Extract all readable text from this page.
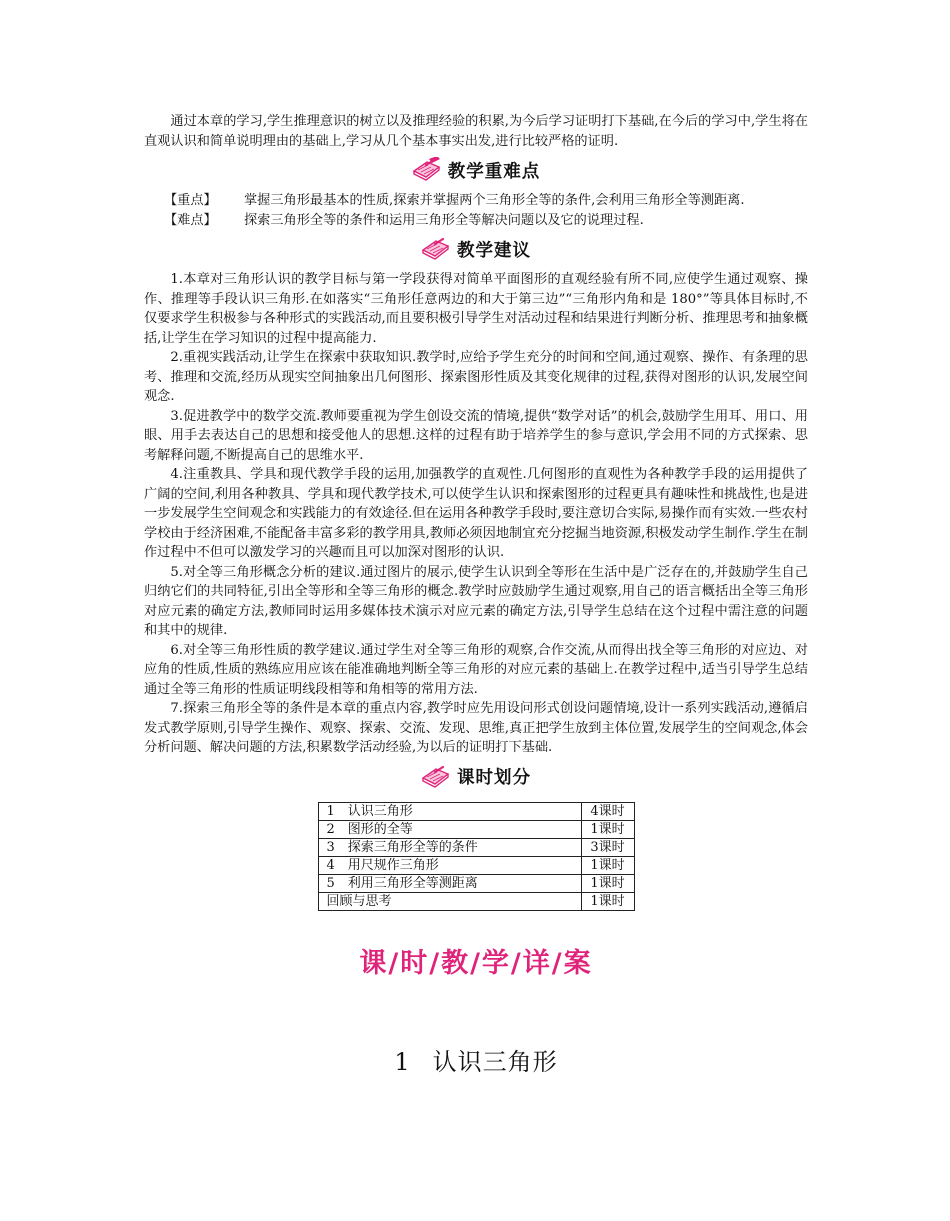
通过本章的学习,学生推理意识的树立以及推理经验的积累,为今后学习证明打下基础,在今后的学习中,学生将在直观认识和简单说明理由的基础上,学习从几个基本事实出发,进行比较严格的证明.

教学重难点
【重点】	掌握三角形最基本的性质,探索并掌握两个三角形全等的条件,会利用三角形全等测距离.
【难点】	探索三角形全等的条件和运用三角形全等解决问题以及它的说理过程.
教学建议

1.本章对三角形认识的教学目标与第一学段获得对简单平面图形的直观经验有所不同,应使学生通过观察、操作、推理等手段认识三角形.在如落实“三角形任意两边的和大于第三边”“三角形内角和是 180°”等具体目标时,不仅要求学生积极参与各种形式的实践活动,而且要积极引导学生对活动过程和结果进行判断分析、推理思考和抽象概括,让学生在学习知识的过程中提高能力.

2.重视实践活动,让学生在探索中获取知识.教学时,应给予学生充分的时间和空间,通过观察、操作、有条理的思考、推理和交流,经历从现实空间抽象出几何图形、探索图形性质及其变化规律的过程,获得对图形的认识,发展空间观念.

3.促进教学中的数学交流.教师要重视为学生创设交流的情境,提供“数学对话”的机会,鼓励学生用耳、用口、用眼、用手去表达自己的思想和接受他人的思想.这样的过程有助于培养学生的参与意识,学会用不同的方式探索、思考解释问题,不断提高自己的思维水平.

4.注重教具、学具和现代教学手段的运用,加强教学的直观性.几何图形的直观性为各种教学手段的运用提供了广阔的空间,利用各种教具、学具和现代教学技术,可以使学生认识和探索图形的过程更具有趣味性和挑战性,也是进一步发展学生空间观念和实践能力的有效途径.但在运用各种教学手段时,要注意切合实际,易操作而有实效.一些农村学校由于经济困难,不能配备丰富多彩的教学用具,教师必须因地制宜充分挖掘当地资源,积极发动学生制作.学生在制作过程中不但可以激发学习的兴趣而且可以加深对图形的认识.

5.对全等三角形概念分析的建议.通过图片的展示,使学生认识到全等形在生活中是广泛存在的,并鼓励学生自己归纳它们的共同特征,引出全等形和全等三角形的概念.教学时应鼓励学生通过观察,用自己的语言概括出全等三角形对应元素的确定方法,教师同时运用多媒体技术演示对应元素的确定方法,引导学生总结在这个过程中需注意的问题和其中的规律.

6.对全等三角形性质的教学建议.通过学生对全等三角形的观察,合作交流,从而得出找全等三角形的对应边、对应角的性质,性质的熟练应用应该在能准确地判断全等三角形的对应元素的基础上.在教学过程中,适当引导学生总结通过全等三角形的性质证明线段相等和角相等的常用方法.

7.探索三角形全等的条件是本章的重点内容,教学时应先用设问形式创设问题情境,设计一系列实践活动,遵循启发式教学原则,引导学生操作、观察、探索、交流、发现、思维,真正把学生放到主体位置,发展学生的空间观念,体会分析问题、解决问题的方法,积累数学活动经验,为以后的证明打下基础.

课时划分
1　认识三角形	4课时
2　图形的全等	1课时
3　探索三角形全等的条件	3课时
4　用尺规作三角形	1课时
5　利用三角形全等测距离	1课时
回顾与思考	1课时
课/时/教/学/详/案
1 认识三角形
